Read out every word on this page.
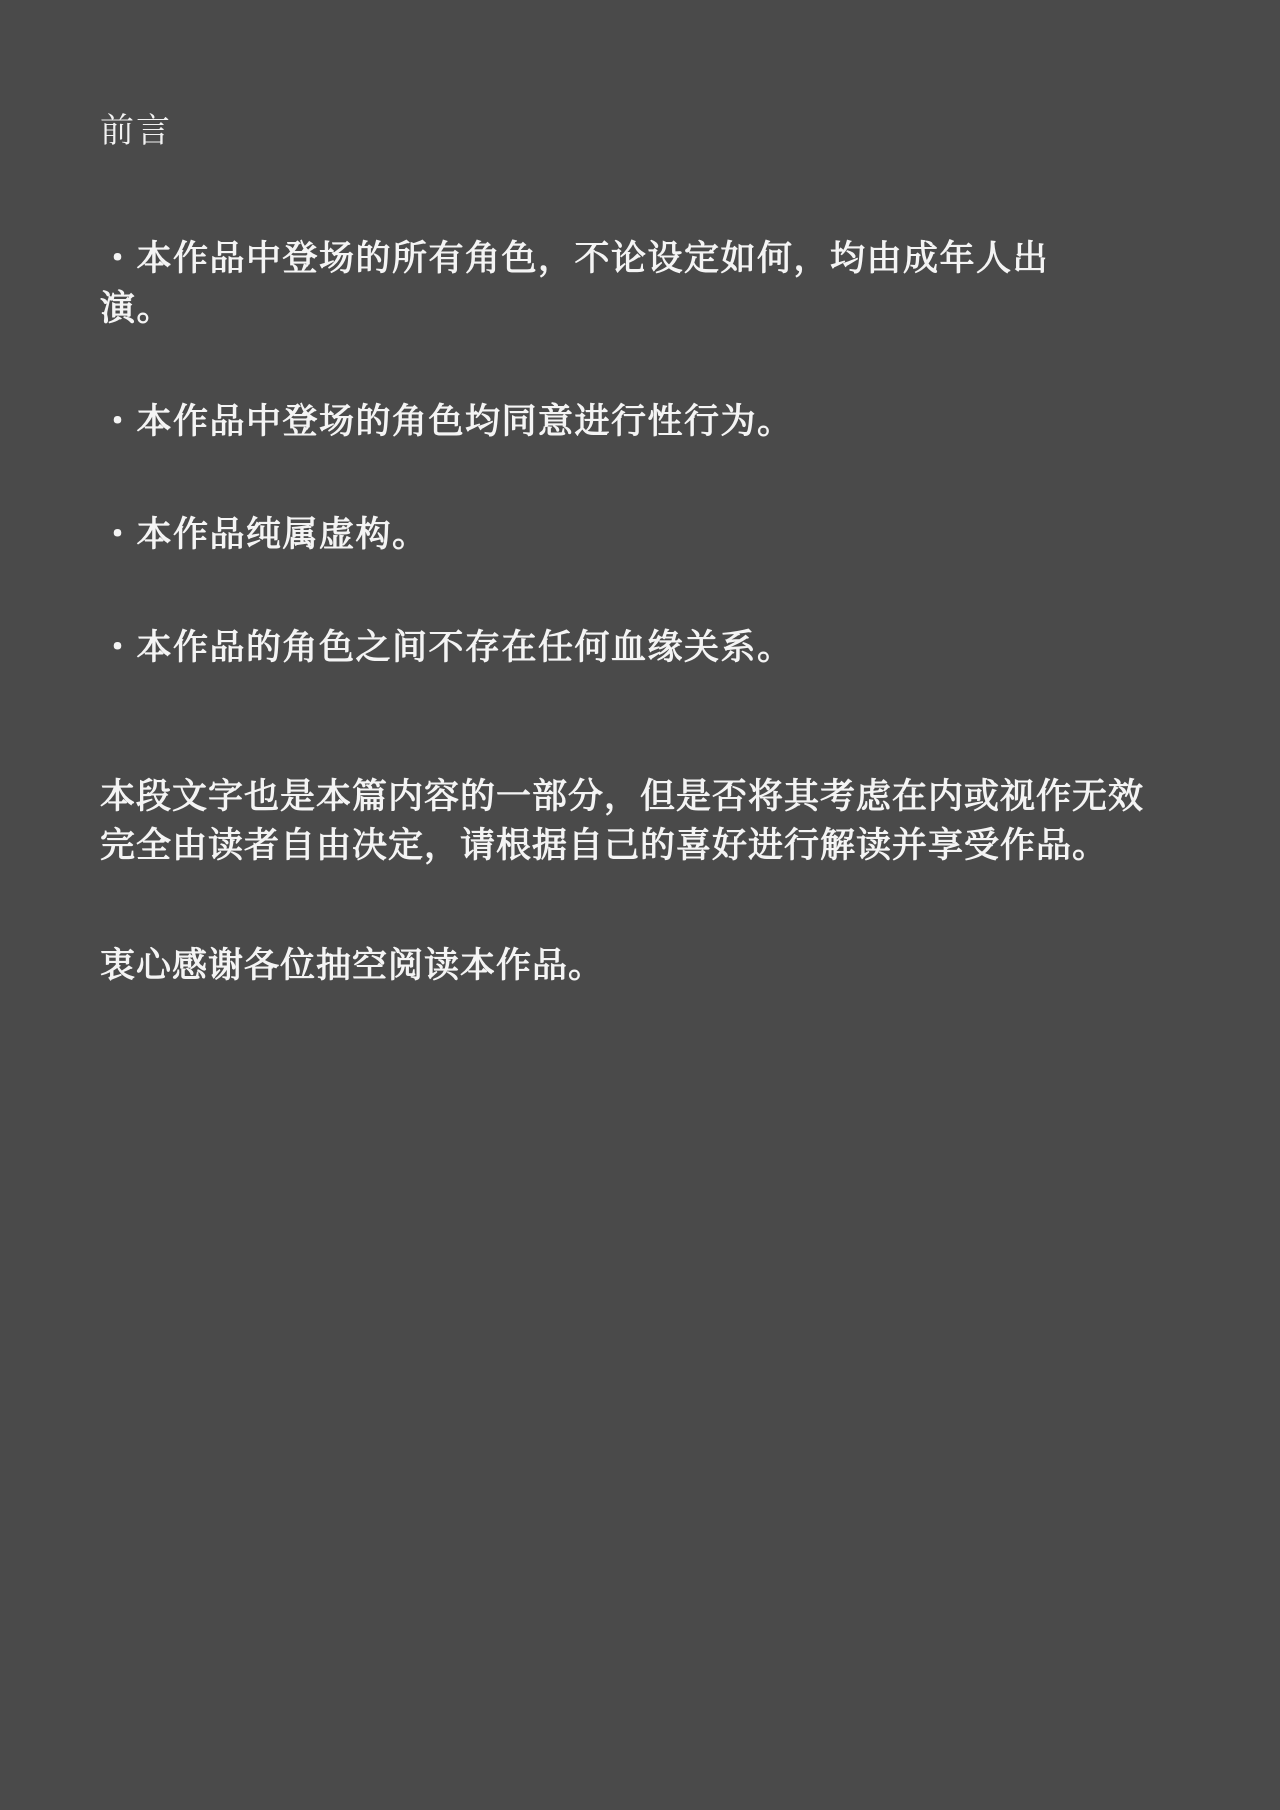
前言

・本作品中登场的所有角色，不论设定如何，均由成年人出演。

・本作品中登场的角色均同意进行性行为。

・本作品纯属虚构。

・本作品的角色之间不存在任何血缘关系。

本段文字也是本篇内容的一部分，但是否将其考虑在内或视作无效完全由读者自由决定，请根据自己的喜好进行解读并享受作品。

衷心感谢各位抽空阅读本作品。
